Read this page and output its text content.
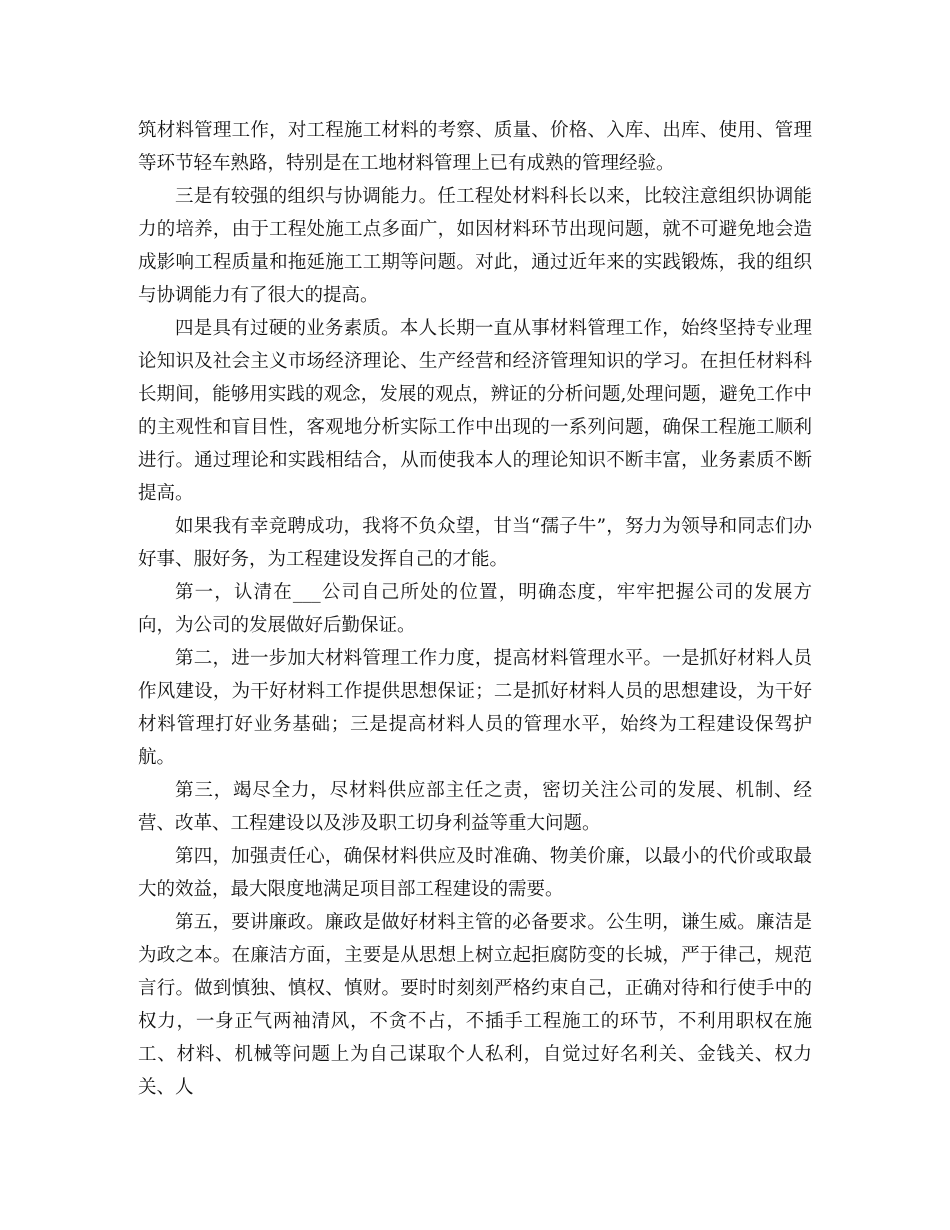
筑材料管理工作，对工程施工材料的考察、质量、价格、入库、出库、使用、管理等环节轻车熟路，特别是在工地材料管理上已有成熟的管理经验。

三是有较强的组织与协调能力。任工程处材料科长以来，比较注意组织协调能力的培养，由于工程处施工点多面广，如因材料环节出现问题，就不可避免地会造成影响工程质量和拖延施工工期等问题。对此，通过近年来的实践锻炼，我的组织与协调能力有了很大的提高。

四是具有过硬的业务素质。本人长期一直从事材料管理工作，始终坚持专业理论知识及社会主义市场经济理论、生产经营和经济管理知识的学习。在担任材料科长期间，能够用实践的观念，发展的观点，辨证的分析问题,处理问题，避免工作中的主观性和盲目性，客观地分析实际工作中出现的一系列问题，确保工程施工顺利进行。通过理论和实践相结合，从而使我本人的理论知识不断丰富，业务素质不断提高。

如果我有幸竞聘成功，我将不负众望，甘当“孺子牛”，努力为领导和同志们办好事、服好务，为工程建设发挥自己的才能。

第一，认清在___公司自己所处的位置，明确态度，牢牢把握公司的发展方向，为公司的发展做好后勤保证。

第二，进一步加大材料管理工作力度，提高材料管理水平。一是抓好材料人员作风建设，为干好材料工作提供思想保证；二是抓好材料人员的思想建设，为干好材料管理打好业务基础；三是提高材料人员的管理水平，始终为工程建设保驾护航。

第三，竭尽全力，尽材料供应部主任之责，密切关注公司的发展、机制、经营、改革、工程建设以及涉及职工切身利益等重大问题。

第四，加强责任心，确保材料供应及时准确、物美价廉，以最小的代价或取最大的效益，最大限度地满足项目部工程建设的需要。

第五，要讲廉政。廉政是做好材料主管的必备要求。公生明，谦生威。廉洁是为政之本。在廉洁方面，主要是从思想上树立起拒腐防变的长城，严于律己，规范言行。做到慎独、慎权、慎财。要时时刻刻严格约束自己，正确对待和行使手中的权力，一身正气两袖清风，不贪不占，不插手工程施工的环节，不利用职权在施工、材料、机械等问题上为自己谋取个人私利，自觉过好名利关、金钱关、权力关、人
